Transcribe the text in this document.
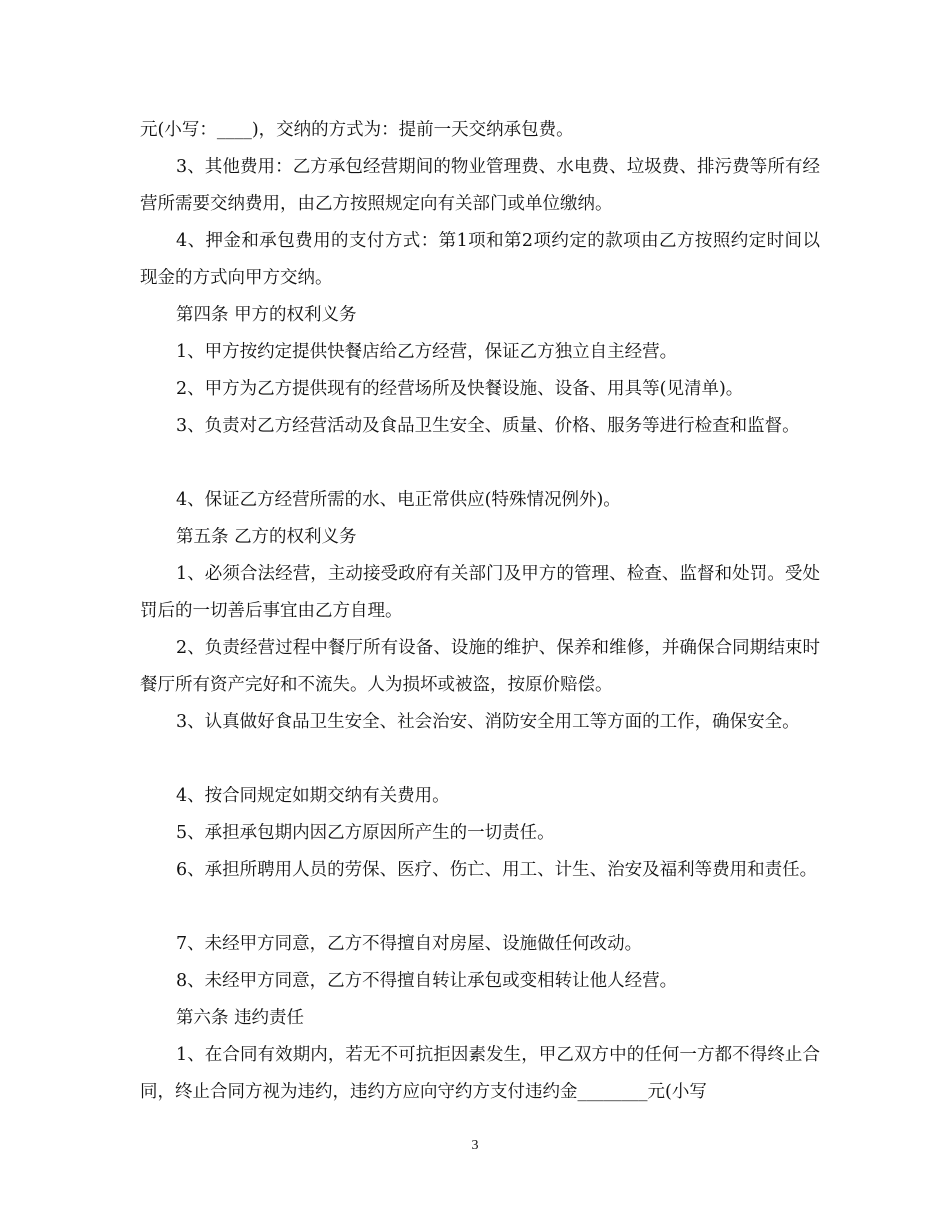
元(小写：____)，交纳的方式为：提前一天交纳承包费。

3、其他费用：乙方承包经营期间的物业管理费、水电费、垃圾费、排污费等所有经营所需要交纳费用，由乙方按照规定向有关部门或单位缴纳。

4、押金和承包费用的支付方式：第1项和第2项约定的款项由乙方按照约定时间以现金的方式向甲方交纳。

第四条 甲方的权利义务

1、甲方按约定提供快餐店给乙方经营，保证乙方独立自主经营。

2、甲方为乙方提供现有的经营场所及快餐设施、设备、用具等(见清单)。

3、负责对乙方经营活动及食品卫生安全、质量、价格、服务等进行检查和监督。

4、保证乙方经营所需的水、电正常供应(特殊情况例外)。

第五条 乙方的权利义务

1、必须合法经营，主动接受政府有关部门及甲方的管理、检查、监督和处罚。受处罚后的一切善后事宜由乙方自理。

2、负责经营过程中餐厅所有设备、设施的维护、保养和维修，并确保合同期结束时餐厅所有资产完好和不流失。人为损坏或被盗，按原价赔偿。

3、认真做好食品卫生安全、社会治安、消防安全用工等方面的工作，确保安全。

4、按合同规定如期交纳有关费用。

5、承担承包期内因乙方原因所产生的一切责任。

6、承担所聘用人员的劳保、医疗、伤亡、用工、计生、治安及福利等费用和责任。

7、未经甲方同意，乙方不得擅自对房屋、设施做任何改动。

8、未经甲方同意，乙方不得擅自转让承包或变相转让他人经营。

第六条 违约责任

1、在合同有效期内，若无不可抗拒因素发生，甲乙双方中的任何一方都不得终止合同，终止合同方视为违约，违约方应向守约方支付违约金________元(小写

3
